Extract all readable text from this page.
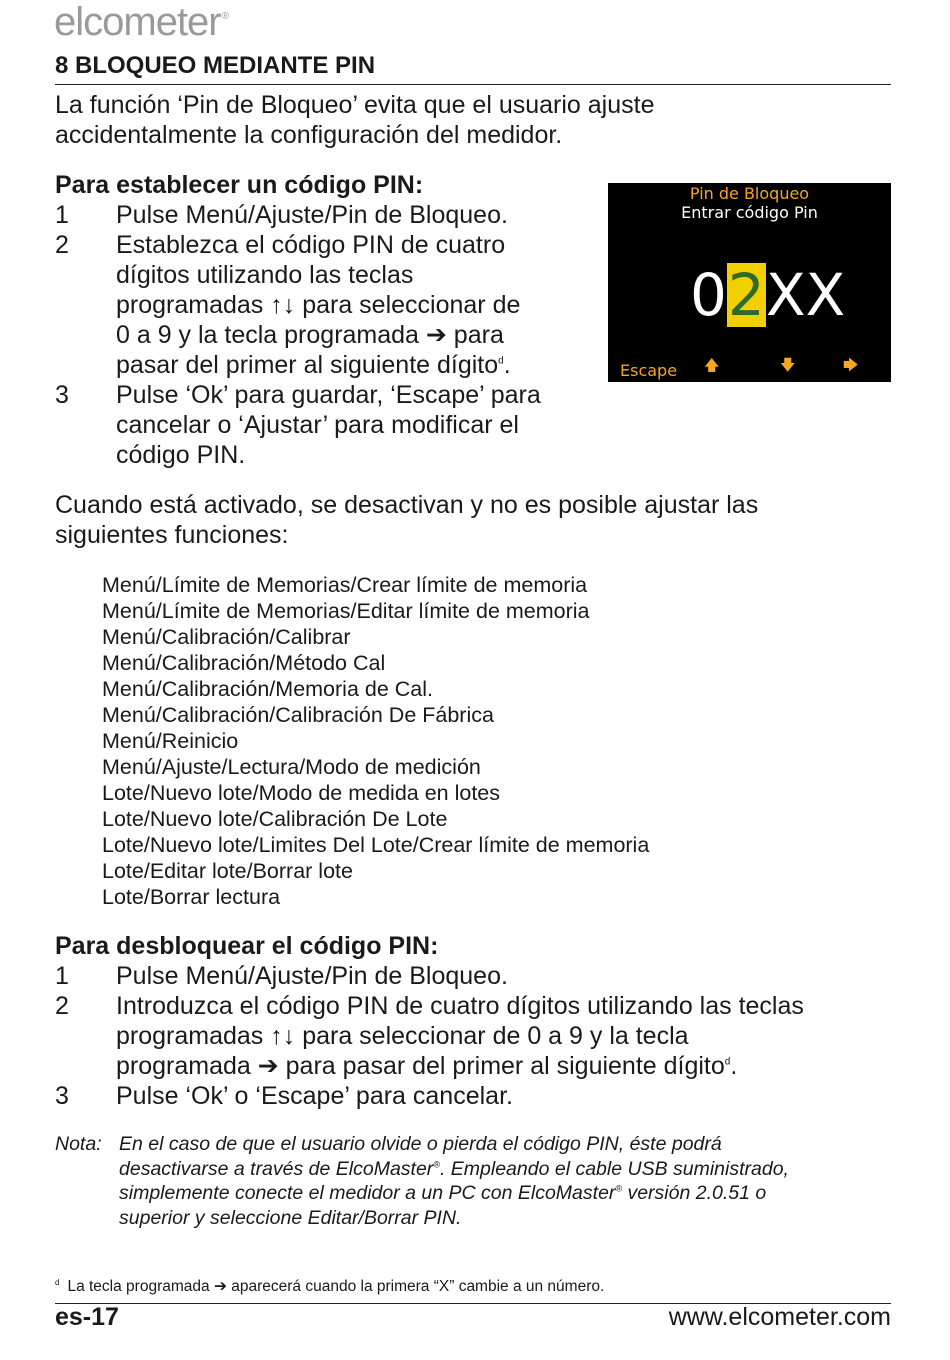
elcometer®
8 BLOQUEO MEDIANTE PIN
La función ‘Pin de Bloqueo’ evita que el usuario ajuste
accidentalmente la configuración del medidor.
Para establecer un código PIN:
1	Pulse Menú/Ajuste/Pin de Bloqueo.
2	Establezca el código PIN de cuatro
dígitos utilizando las teclas
programadas ↑↓ para seleccionar de
0 a 9 y la tecla programada ➔ para
pasar del primer al siguiente dígito$^d$.
3	Pulse ‘Ok’ para guardar, ‘Escape’ para
cancelar o ‘Ajustar’ para modificar el
código PIN.
Pin de Bloqueo
Entrar código Pin
0 2 X X
Escape 🡅	🡇	🡆
Cuando está activado, se desactivan y no es posible ajustar las
siguientes funciones:
Menú/Límite de Memorias/Crear límite de memoria
Menú/Límite de Memorias/Editar límite de memoria
Menú/Calibración/Calibrar
Menú/Calibración/Método Cal
Menú/Calibración/Memoria de Cal.
Menú/Calibración/Calibración De Fábrica
Menú/Reinicio
Menú/Ajuste/Lectura/Modo de medición
Lote/Nuevo lote/Modo de medida en lotes
Lote/Nuevo lote/Calibración De Lote
Lote/Nuevo lote/Limites Del Lote/Crear límite de memoria
Lote/Editar lote/Borrar lote
Lote/Borrar lectura
Para desbloquear el código PIN:
1	Pulse Menú/Ajuste/Pin de Bloqueo.
2	Introduzca el código PIN de cuatro dígitos utilizando las teclas
programadas ↑↓ para seleccionar de 0 a 9 y la tecla
programada ➔ para pasar del primer al siguiente dígito$^d$.
3	Pulse ‘Ok’ o ‘Escape’ para cancelar.
Nota: En el caso de que el usuario olvide o pierda el código PIN, éste podrá
desactivarse a través de ElcoMaster®. Empleando el cable USB suministrado,
simplemente conecte el medidor a un PC con ElcoMaster® versión 2.0.51 o
superior y seleccione Editar/Borrar PIN.
$^d$ La tecla programada ➔ aparecerá cuando la primera “X” cambie a un número.
es-17	www.elcometer.com
